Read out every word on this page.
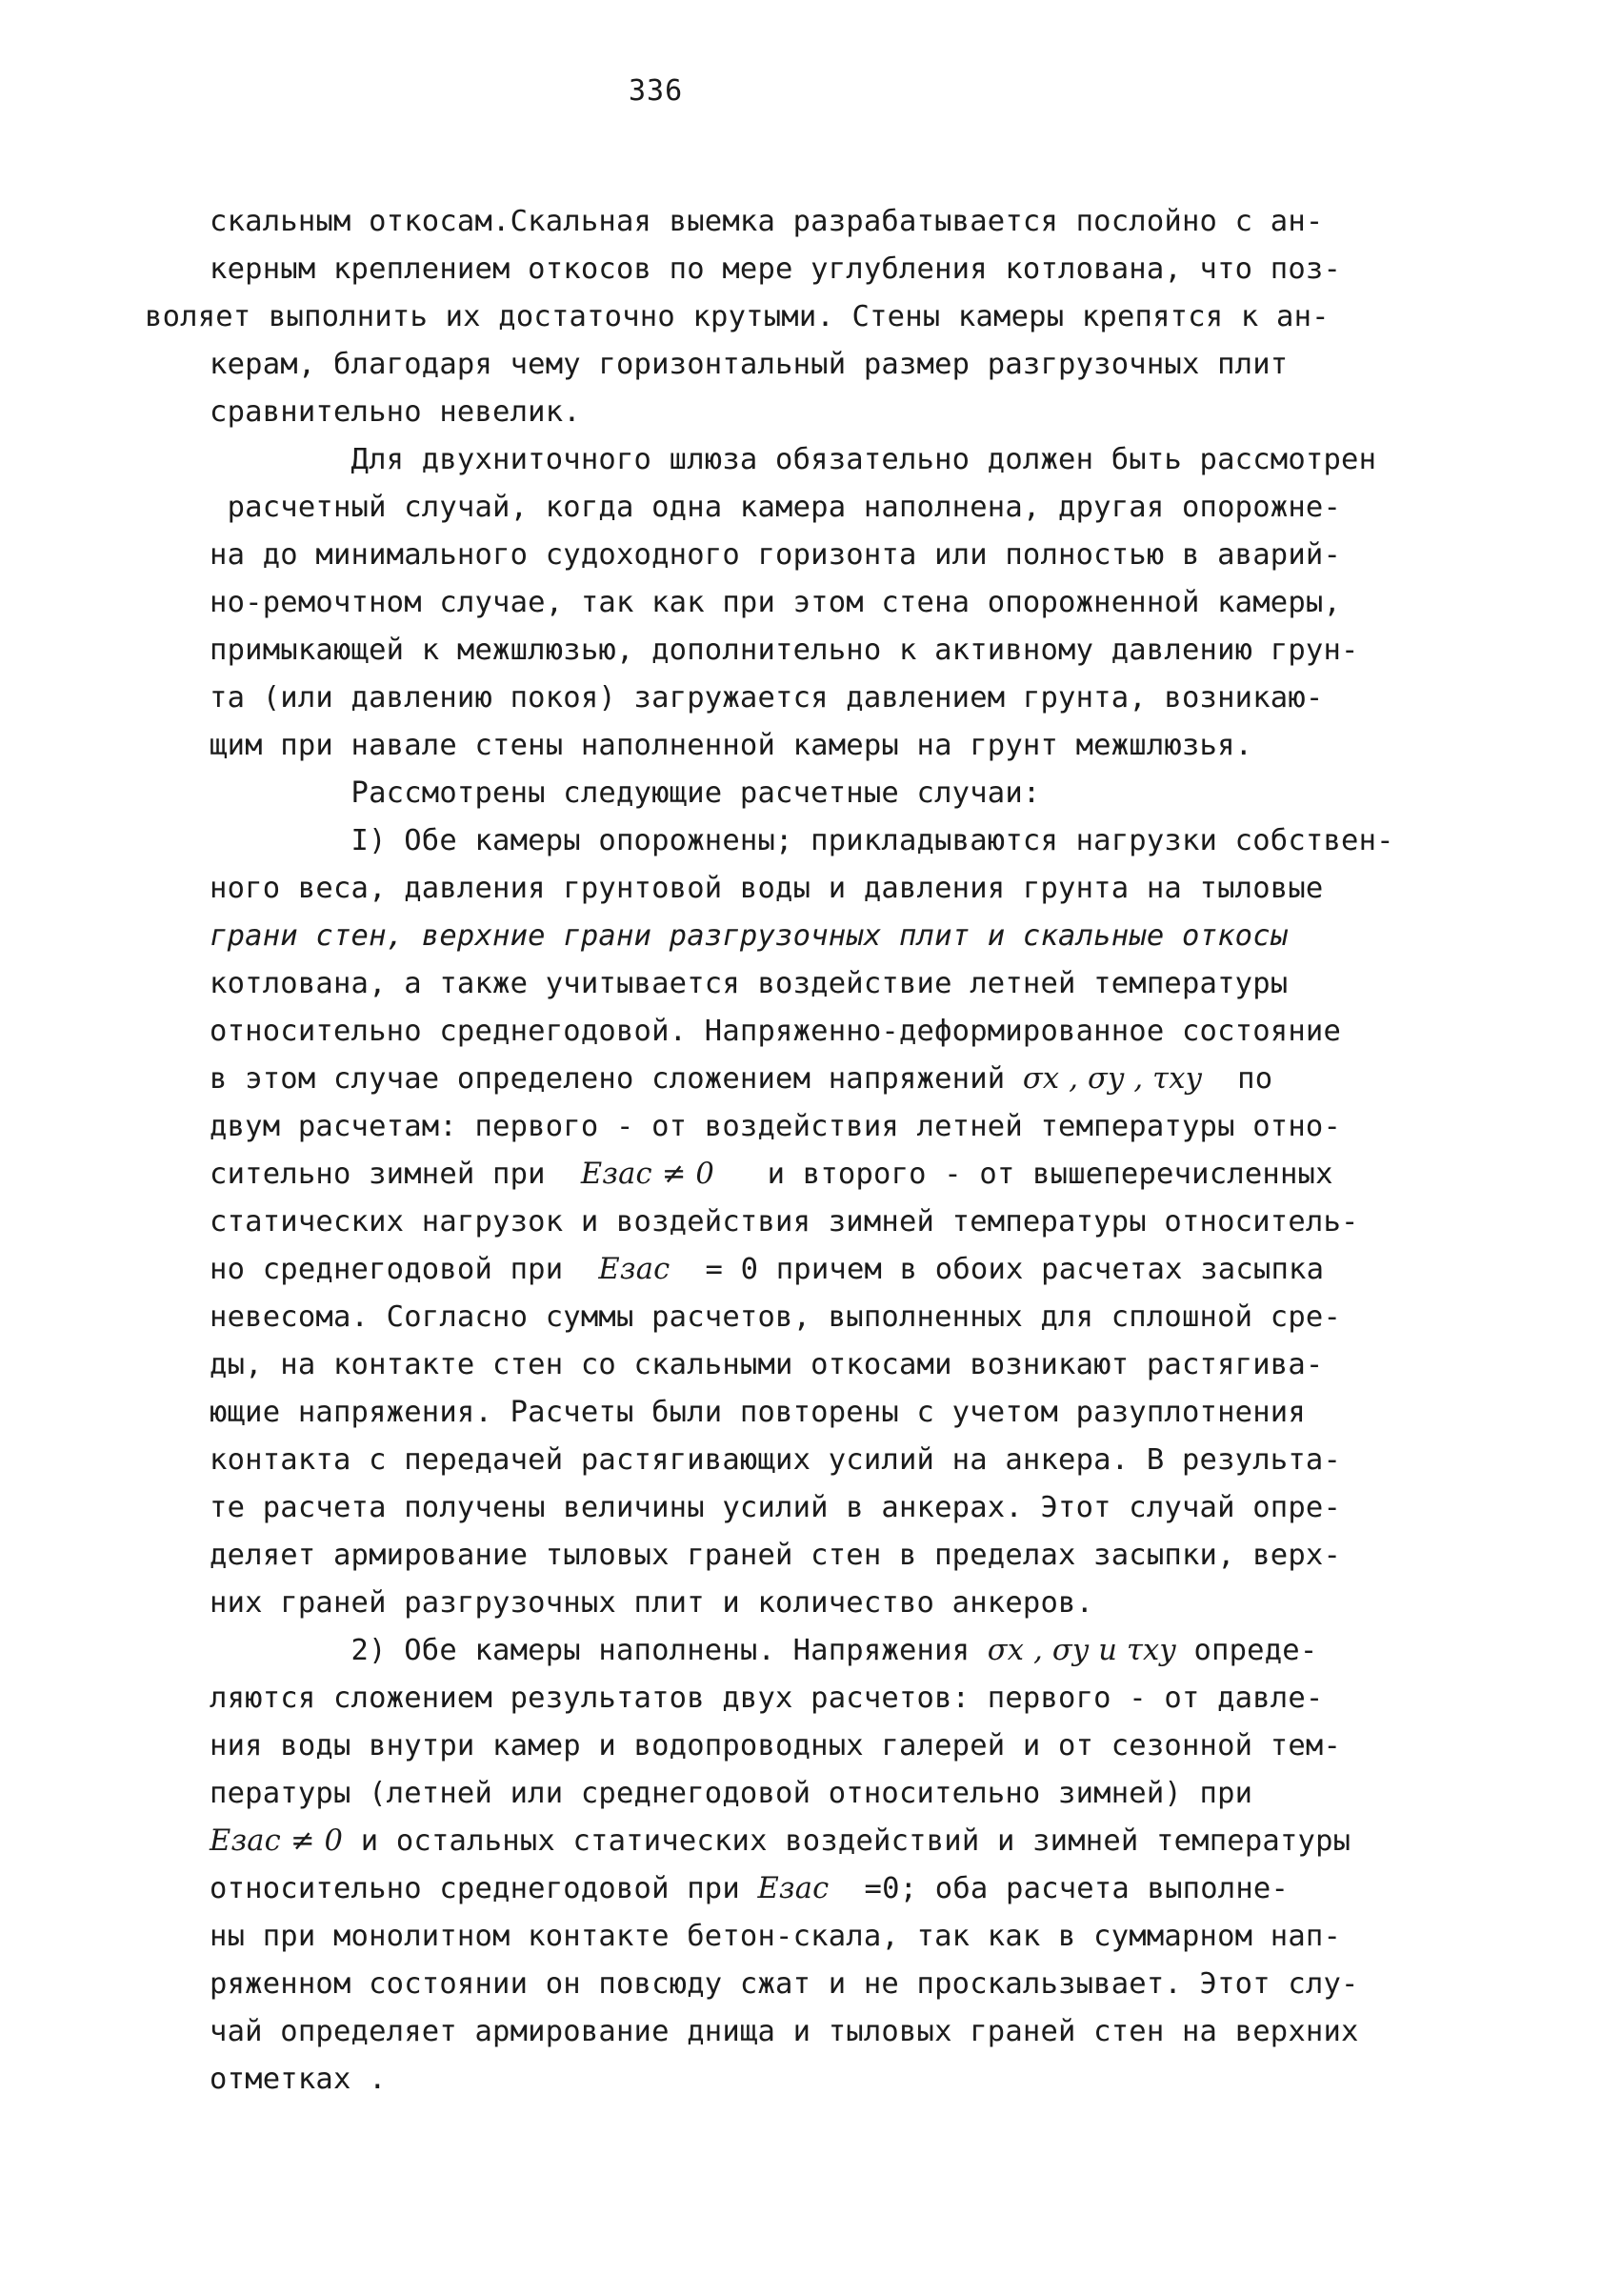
336
скальным откосам.Скальная выемка разрабатывается послойно с ан-
керным креплением откосов по мере углубления котлована, что поз-
воляет выполнить их достаточно крутыми. Стены камеры крепятся к ан-
керам, благодаря чему горизонтальный размер разгрузочных плит
сравнительно невелик.
Для двухниточного шлюза обязательно должен быть рассмотрен
расчетный случай, когда одна камера наполнена, другая опорожне-
на до минимального судоходного горизонта или полностью в аварий-
но-ремочтном случае, так как при этом стена опорожненной камеры,
примыкающей к межшлюзью, дополнительно к активному давлению грун-
та (или давлению покоя) загружается давлением грунта, возникаю-
щим при навале стены наполненной камеры на грунт межшлюзья.
Рассмотрены следующие расчетные случаи:
I) Обе камеры опорожнены; прикладываются нагрузки собствен-
ного веса, давления грунтовой воды и давления грунта на тыловые
грани стен, верхние грани разгрузочных плит и скальные откосы
котлована, а также учитывается воздействие летней температуры
относительно среднегодовой. Напряженно-деформированное состояние
двум расчетам: первого - от воздействия летней температуры отно-
статических нагрузок и воздействия зимней температуры относитель-
невесома. Согласно суммы расчетов, выполненных для сплошной сре-
ды, на контакте стен со скальными откосами возникают растягива-
ющие напряжения. Расчеты были повторены с учетом разуплотнения
контакта с передачей растягивающих усилий на анкера. В результа-
те расчета получены величины усилий в анкерах. Этот случай опре-
деляет армирование тыловых граней стен в пределах засыпки, верх-
них граней разгрузочных плит и количество анкеров.
ляются сложением результатов двух расчетов: первого - от давле-
ния воды внутри камер и водопроводных галерей и от сезонной тем-
пературы (летней или среднегодовой относительно зимней) при
ны при монолитном контакте бетон-скала, так как в суммарном нап-
ряженном состоянии он повсюду сжат и не проскальзывает. Этот слу-
чай определяет армирование днища и тыловых граней стен на верхних
отметках .
в этом случае определено сложением напряжений σx , σy , τxy  по
сительно зимней при  Eзас ≠ 0   и второго - от вышеперечисленных
но среднегодовой при  Eзас  = 0 причем в обоих расчетах засыпка
2) Обе камеры наполнены. Напряжения σx , σy и τxy опреде-
Eзас ≠ 0 и остальных статических воздействий и зимней температуры
относительно среднегодовой при Eзас  =0; оба расчета выполне-
